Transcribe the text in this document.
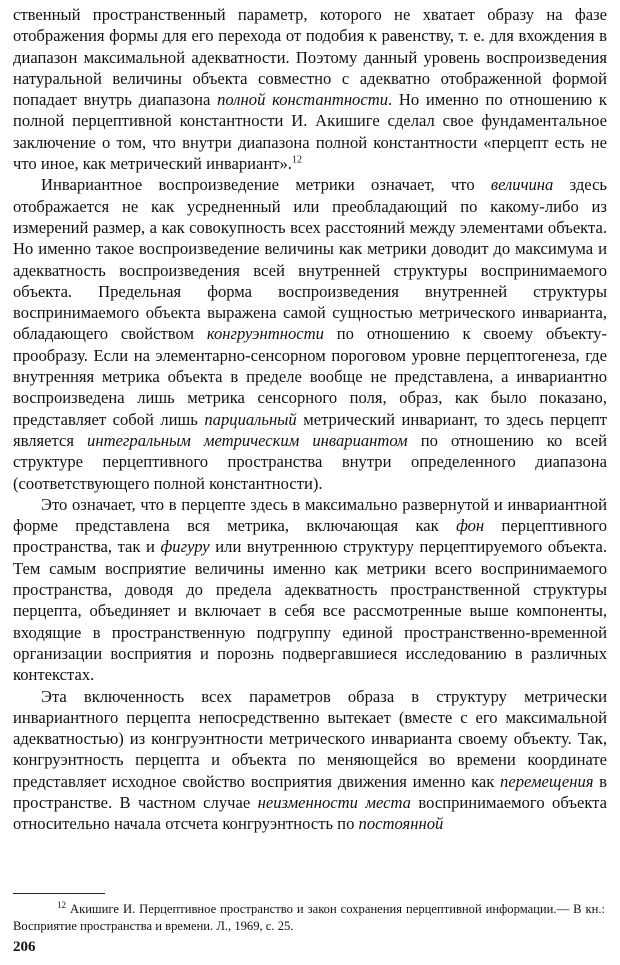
ственный пространственный параметр, которого не хватает образу на фазе отображения формы для его перехода от подобия к равенству, т. е. для вхождения в диапазон максимальной адекватности. Поэтому данный уровень воспроизведения натуральной величины объекта совместно с адекватно отображенной формой попадает внутрь диапазона полной константности. Но именно по отношению к полной перцептивной константности И. Акишиге сделал свое фундаментальное заключение о том, что внутри диапазона полной константности «перцепт есть не что иное, как метрический инвариант».$^{12}$

Инвариантное воспроизведение метрики означает, что величина здесь отображается не как усредненный или преобладающий по какому-либо из измерений размер, а как совокупность всех расстояний между элементами объекта. Но именно такое воспроизведение величины как метрики доводит до максимума и адекватность воспроизведения всей внутренней структуры воспринимаемого объекта. Предельная форма воспроизведения внутренней структуры воспринимаемого объекта выражена самой сущностью метрического инварианта, обладающего свойством конгруэнтности по отношению к своему объекту-прообразу. Если на элементарно-сенсорном пороговом уровне перцептогенеза, где внутренняя метрика объекта в пределе вообще не представлена, а инвариантно воспроизведена лишь метрика сенсорного поля, образ, как было показано, представляет собой лишь парциальный метрический инвариант, то здесь перцепт является интегральным метрическим инвариантом по отношению ко всей структуре перцептивного пространства внутри определенного диапазона (соответствующего полной константности).

Это означает, что в перцепте здесь в максимально развернутой и инвариантной форме представлена вся метрика, включающая как фон перцептивного пространства, так и фигуру или внутреннюю структуру перцептируемого объекта. Тем самым восприятие величины именно как метрики всего воспринимаемого пространства, доводя до предела адекватность пространственной структуры перцепта, объединяет и включает в себя все рассмотренные выше компоненты, входящие в пространственную подгруппу единой пространственно-временной организации восприятия и порознь подвергавшиеся исследованию в различных контекстах.

Эта включенность всех параметров образа в структуру метрически инвариантного перцепта непосредственно вытекает (вместе с его максимальной адекватностью) из конгруэнтности метрического инварианта своему объекту. Так, конгруэнтность перцепта и объекта по меняющейся во времени координате представляет исходное свойство восприятия движения именно как перемещения в пространстве. В частном случае неизменности места воспринимаемого объекта относительно начала отсчета конгруэнтность по постоянной

$^{12}$ Акишиге И. Перцептивное пространство и закон сохранения перцептивной информации.— В кн.: Восприятие пространства и времени. Л., 1969, с. 25.

206
